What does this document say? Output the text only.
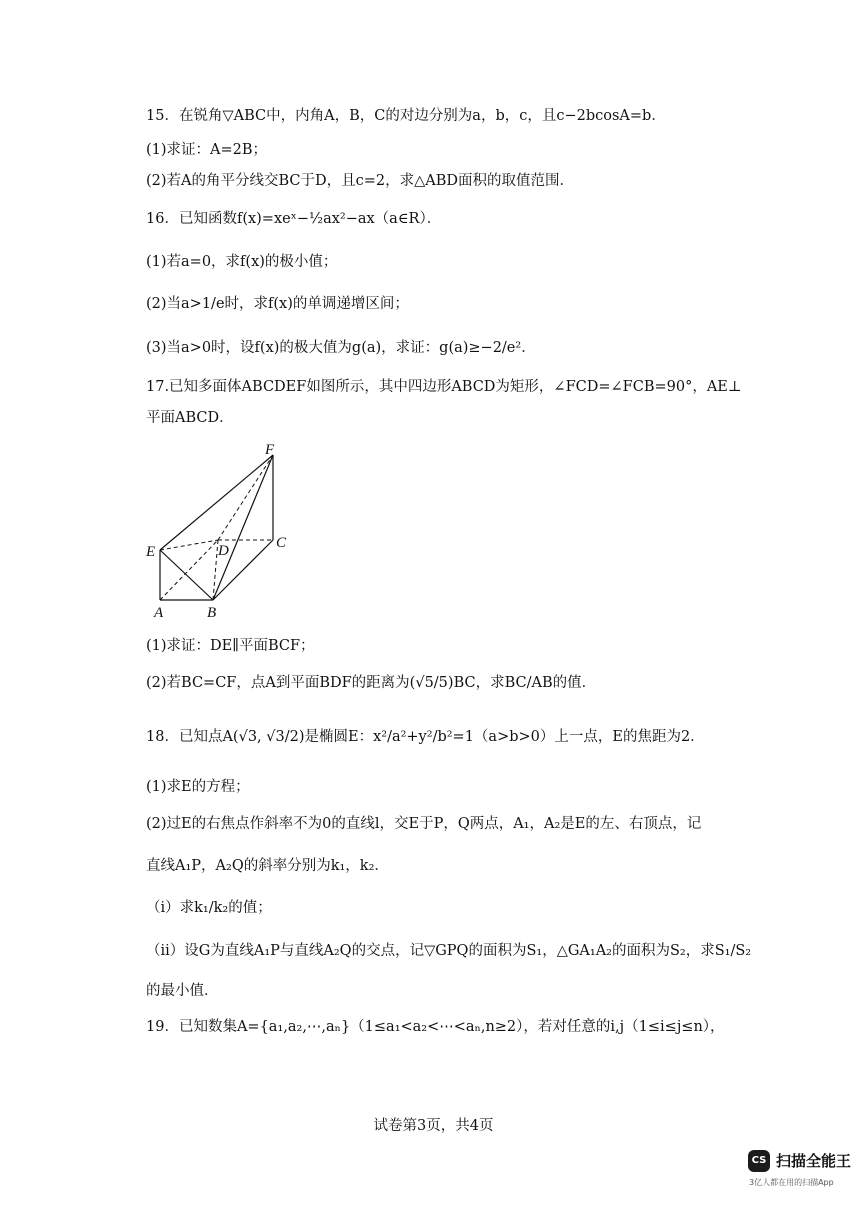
15．在锐角▽ABC中，内角A，B，C的对边分别为a，b，c，且c−2bcosA=b．
(1)求证：A=2B；
(2)若A的角平分线交BC于D，且c=2，求△ABD面积的取值范围．
16．已知函数f(x)=xeˣ−½ax²−ax（a∈R）．
(1)若a=0，求f(x)的极小值；
(2)当a>1/e时，求f(x)的单调递增区间；
(3)当a>0时，设f(x)的极大值为g(a)，求证：g(a)≥−2/e²．
17.已知多面体ABCDEF如图所示，其中四边形ABCD为矩形，∠FCD=∠FCB=90°，AE⊥
平面ABCD．
F
E	D	C
A	B
(1)求证：DE∥平面BCF；
(2)若BC=CF，点A到平面BDF的距离为(√5/5)BC，求BC/AB的值．
18．已知点A(√3, √3/2)是椭圆E：x²/a²+y²/b²=1（a>b>0）上一点，E的焦距为2．
(1)求E的方程；
(2)过E的右焦点作斜率不为0的直线l，交E于P，Q两点，A₁，A₂是E的左、右顶点，记
直线A₁P，A₂Q的斜率分别为k₁，k₂．
（i）求k₁/k₂的值；
（ii）设G为直线A₁P与直线A₂Q的交点，记▽GPQ的面积为S₁，△GA₁A₂的面积为S₂，求S₁/S₂
的最小值．
19．已知数集A={a₁,a₂,⋯,aₙ}（1≤a₁<a₂<⋯<aₙ,n≥2），若对任意的i,j（1≤i≤j≤n），
试卷第3页，共4页
CS 扫描全能王
3亿人都在用的扫描App
